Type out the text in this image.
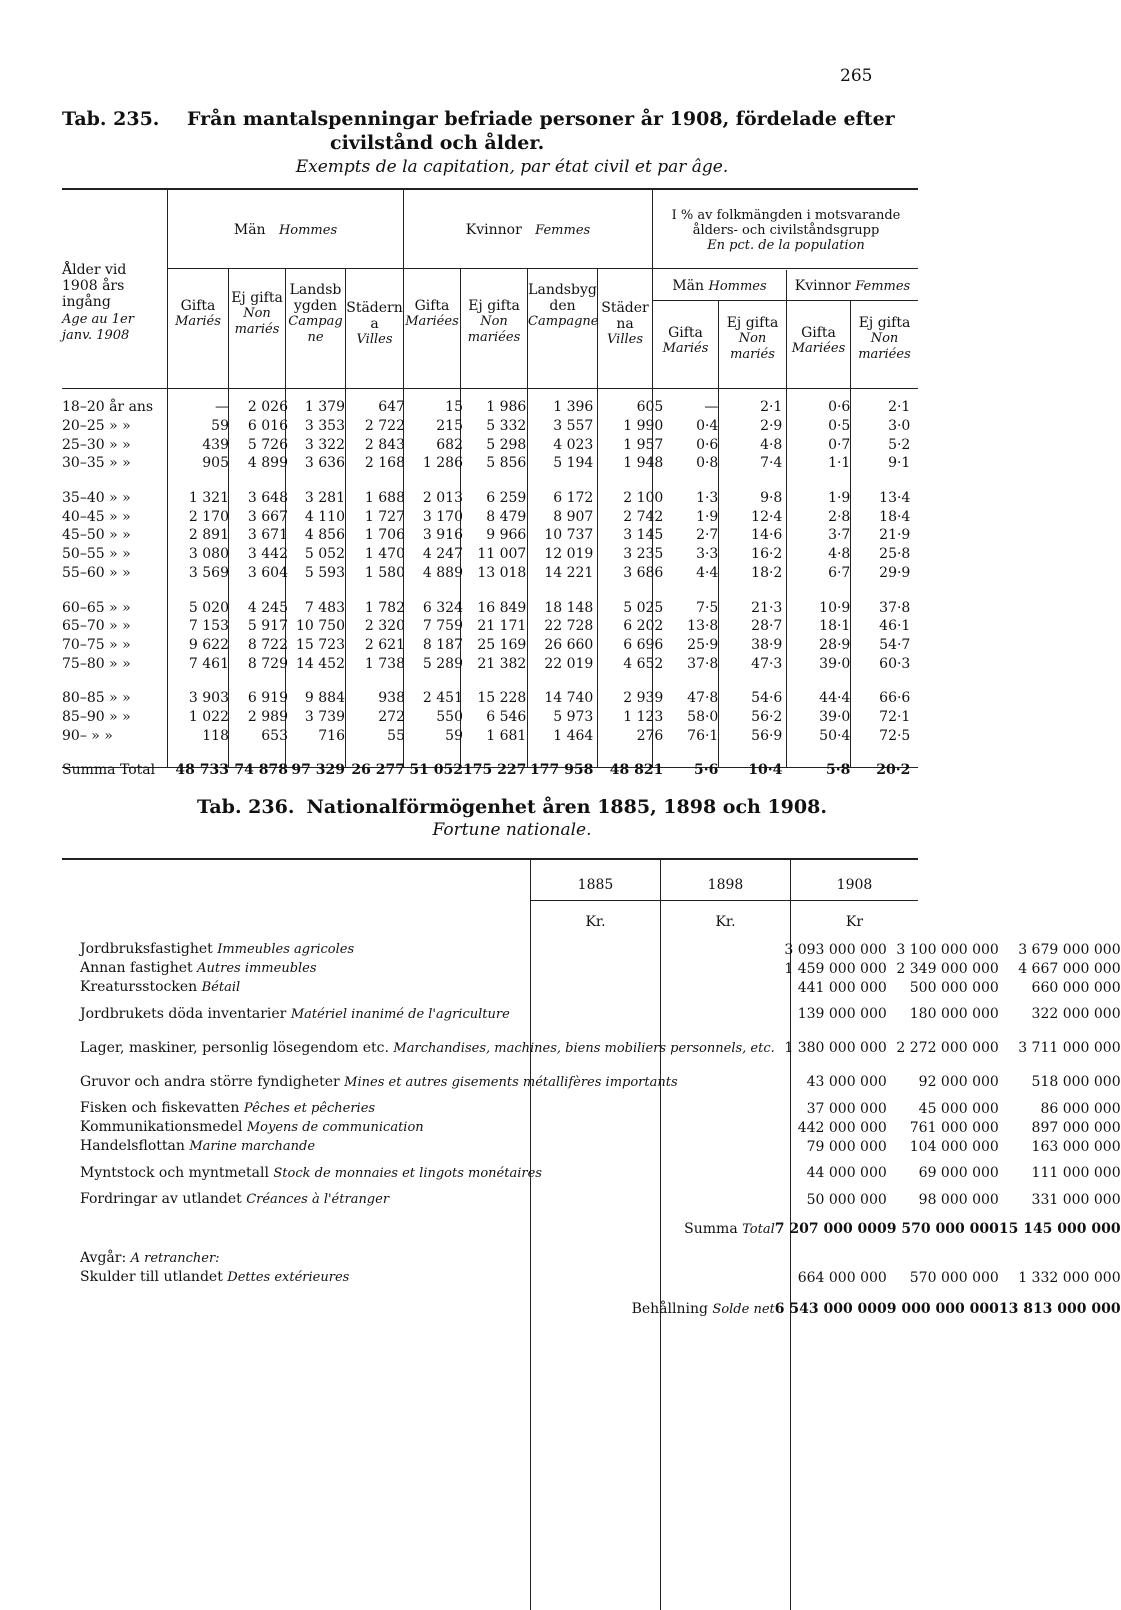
265
Tab. 235. Från mantalspenningar befriade personer år 1908, fördelade efter
civilstånd och ålder.
Exempts de la capitation, par état civil et par âge.
Ålder vid 1908 års ingång
Age au 1er janv. 1908
Män Hommes	Kvinnor Femmes
I % av folkmängden i motsvarande ålders- och civilståndsgrupp
En pct. de la population
Gifta
Mariés
Ej gifta
Non mariés
Landsbygden
Campagne
Städerna
Villes
Gifta
Mariées
Ej gifta
Non mariées
Landsbygden
Campagne
Städerna
Villes
Män Hommes	Kvinnor Femmes
Gifta
Mariés
Ej gifta
Non mariés
Gifta
Mariées
Ej gifta
Non mariées
18–20 år ans	—	2 026	1 379	647	15	1 986	1 396	605	—	2·1	0·6	2·1
20–25 » »	59	6 016	3 353	2 722	215	5 332	3 557	1 990	0·4	2·9	0·5	3·0
25–30 » »	439	5 726	3 322	2 843	682	5 298	4 023	1 957	0·6	4·8	0·7	5·2
30–35 » »	905	4 899	3 636	2 168	1 286	5 856	5 194	1 948	0·8	7·4	1·1	9·1

35–40 » »	1 321	3 648	3 281	1 688	2 013	6 259	6 172	2 100	1·3	9·8	1·9	13·4
40–45 » »	2 170	3 667	4 110	1 727	3 170	8 479	8 907	2 742	1·9	12·4	2·8	18·4
45–50 » »	2 891	3 671	4 856	1 706	3 916	9 966	10 737	3 145	2·7	14·6	3·7	21·9
50–55 » »	3 080	3 442	5 052	1 470	4 247	11 007	12 019	3 235	3·3	16·2	4·8	25·8
55–60 » »	3 569	3 604	5 593	1 580	4 889	13 018	14 221	3 686	4·4	18·2	6·7	29·9

60–65 » »	5 020	4 245	7 483	1 782	6 324	16 849	18 148	5 025	7·5	21·3	10·9	37·8
65–70 » »	7 153	5 917	10 750	2 320	7 759	21 171	22 728	6 202	13·8	28·7	18·1	46·1
70–75 » »	9 622	8 722	15 723	2 621	8 187	25 169	26 660	6 696	25·9	38·9	28·9	54·7
75–80 » »	7 461	8 729	14 452	1 738	5 289	21 382	22 019	4 652	37·8	47·3	39·0	60·3

80–85 » »	3 903	6 919	9 884	938	2 451	15 228	14 740	2 939	47·8	54·6	44·4	66·6
85–90 » »	1 022	2 989	3 739	272	550	6 546	5 973	1 123	58·0	56·2	39·0	72·1
90– » »	118	653	716	55	59	1 681	1 464	276	76·1	56·9	50·4	72·5

Summa Total	48 733	74 878	97 329	26 277	51 052	175 227	177 958	48 821	5·6	10·4	5·8	20·2
Tab. 236. Nationalförmögenhet åren 1885, 1898 och 1908.
Fortune nationale.
1885	1898	1908
Kr.	Kr.	Kr
Jordbruksfastighet Immeubles agricoles	3 093 000 000	3 100 000 000	3 679 000 000
Annan fastighet Autres immeubles	1 459 000 000	2 349 000 000	4 667 000 000
Kreatursstocken Bétail	441 000 000	500 000 000	660 000 000
Jordbrukets döda inventarier Matériel inanimé de l'agriculture	139 000 000	180 000 000	322 000 000
Lager, maskiner, personlig lösegendom etc. Marchandises, machines, biens mobiliers personnels, etc.	1 380 000 000	2 272 000 000	3 711 000 000
Gruvor och andra större fyndigheter Mines et autres gisements métallifères importants	43 000 000	92 000 000	518 000 000
Fisken och fiskevatten Pêches et pêcheries	37 000 000	45 000 000	86 000 000
Kommunikationsmedel Moyens de communication	442 000 000	761 000 000	897 000 000
Handelsflottan Marine marchande	79 000 000	104 000 000	163 000 000
Myntstock och myntmetall Stock de monnaies et lingots monétaires	44 000 000	69 000 000	111 000 000
Fordringar av utlandet Créances à l'étranger	50 000 000	98 000 000	331 000 000
Summa Total	7 207 000 000	9 570 000 000	15 145 000 000
Avgår: A retrancher:			
Skulder till utlandet Dettes extérieures	664 000 000	570 000 000	1 332 000 000
Behållning Solde net	6 543 000 000	9 000 000 000	13 813 000 000
